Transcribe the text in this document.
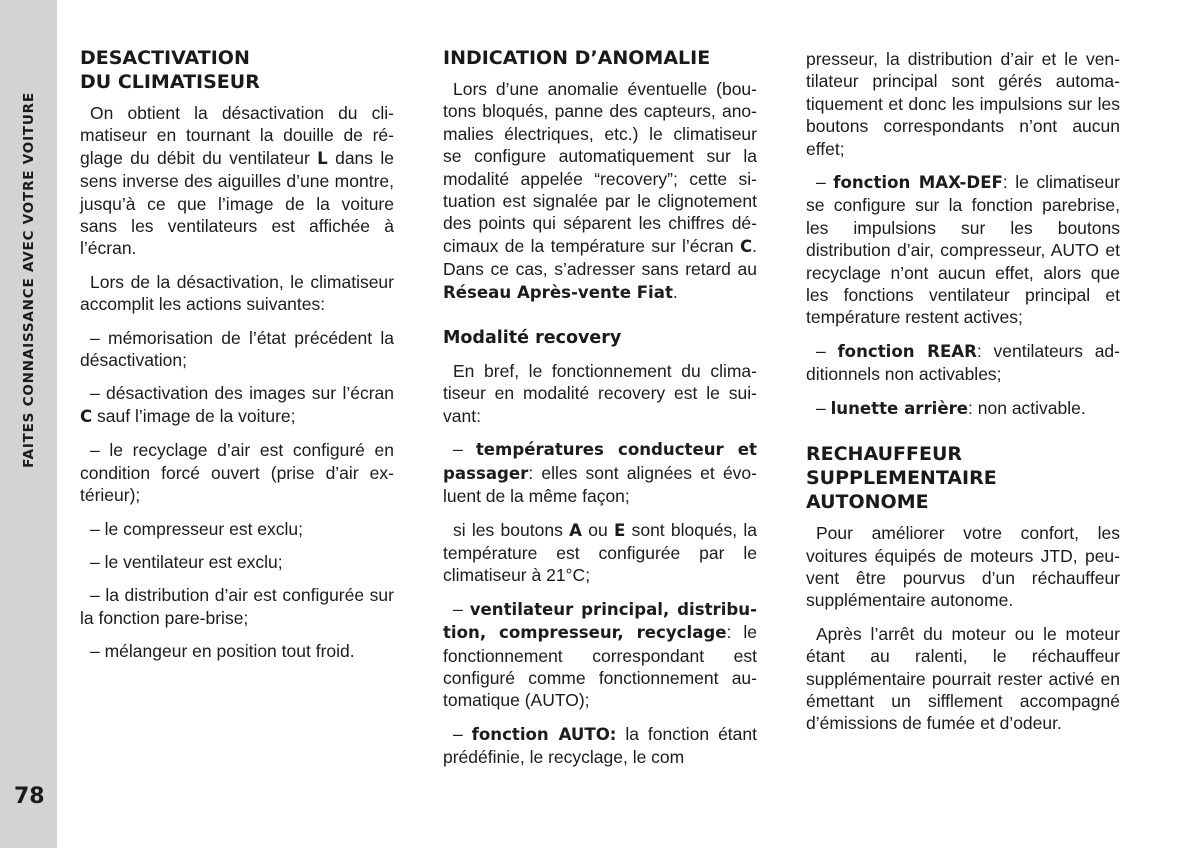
FAITES CONNAISSANCE AVEC VOTRE VOITURE
78
DESACTIVATION
DU CLIMATISEUR

On obtient la désactivation du climatiseur en tournant la douille de réglage du débit du ventilateur L dans le sens inverse des aiguilles d’une montre, jusqu’à ce que l’image de la voiture sans les ventilateurs est affichée à l’écran.

Lors de la désactivation, le climatiseur accomplit les actions suivantes:

– mémorisation de l’état précédent la désactivation;

– désactivation des images sur l’écran C sauf l’image de la voiture;

– le recyclage d’air est configuré en condition forcé ouvert (prise d’air extérieur);

– le compresseur est exclu;

– le ventilateur est exclu;

– la distribution d’air est configurée sur la fonction pare-brise;

– mélangeur en position tout froid.

INDICATION D’ANOMALIE

Lors d’une anomalie éventuelle (boutons bloqués, panne des capteurs, anomalies électriques, etc.) le climatiseur se configure automatiquement sur la modalité appelée “recovery”; cette situation est signalée par le clignotement des points qui séparent les chiffres décimaux de la température sur l’écran C. Dans ce cas, s’adresser sans retard au Réseau Après-vente Fiat.

Modalité recovery

En bref, le fonctionnement du climatiseur en modalité recovery est le suivant:

– températures conducteur et passager: elles sont alignées et évoluent de la même façon;

si les boutons A ou E sont bloqués, la température est configurée par le climatiseur à 21°C;

– ventilateur principal, distribution, compresseur, recyclage: le fonctionnement correspondant est configuré comme fonctionnement automatique (AUTO);

– fonction AUTO: la fonction étant prédéfinie, le recyclage, le com

presseur, la distribution d’air et le ventilateur principal sont gérés automatiquement et donc les impulsions sur les boutons correspondants n’ont aucun effet;

– fonction MAX-DEF: le climatiseur se configure sur la fonction parebrise, les impulsions sur les boutons distribution d’air, compresseur, AUTO et recyclage n’ont aucun effet, alors que les fonctions ventilateur principal et température restent actives;

– fonction REAR: ventilateurs additionnels non activables;

– lunette arrière: non activable.

RECHAUFFEUR
SUPPLEMENTAIRE
AUTONOME

Pour améliorer votre confort, les voitures équipés de moteurs JTD, peuvent être pourvus d’un réchauffeur supplémentaire autonome.

Après l’arrêt du moteur ou le moteur étant au ralenti, le réchauffeur supplémentaire pourrait rester activé en émettant un sifflement accompagné d’émissions de fumée et d’odeur.
